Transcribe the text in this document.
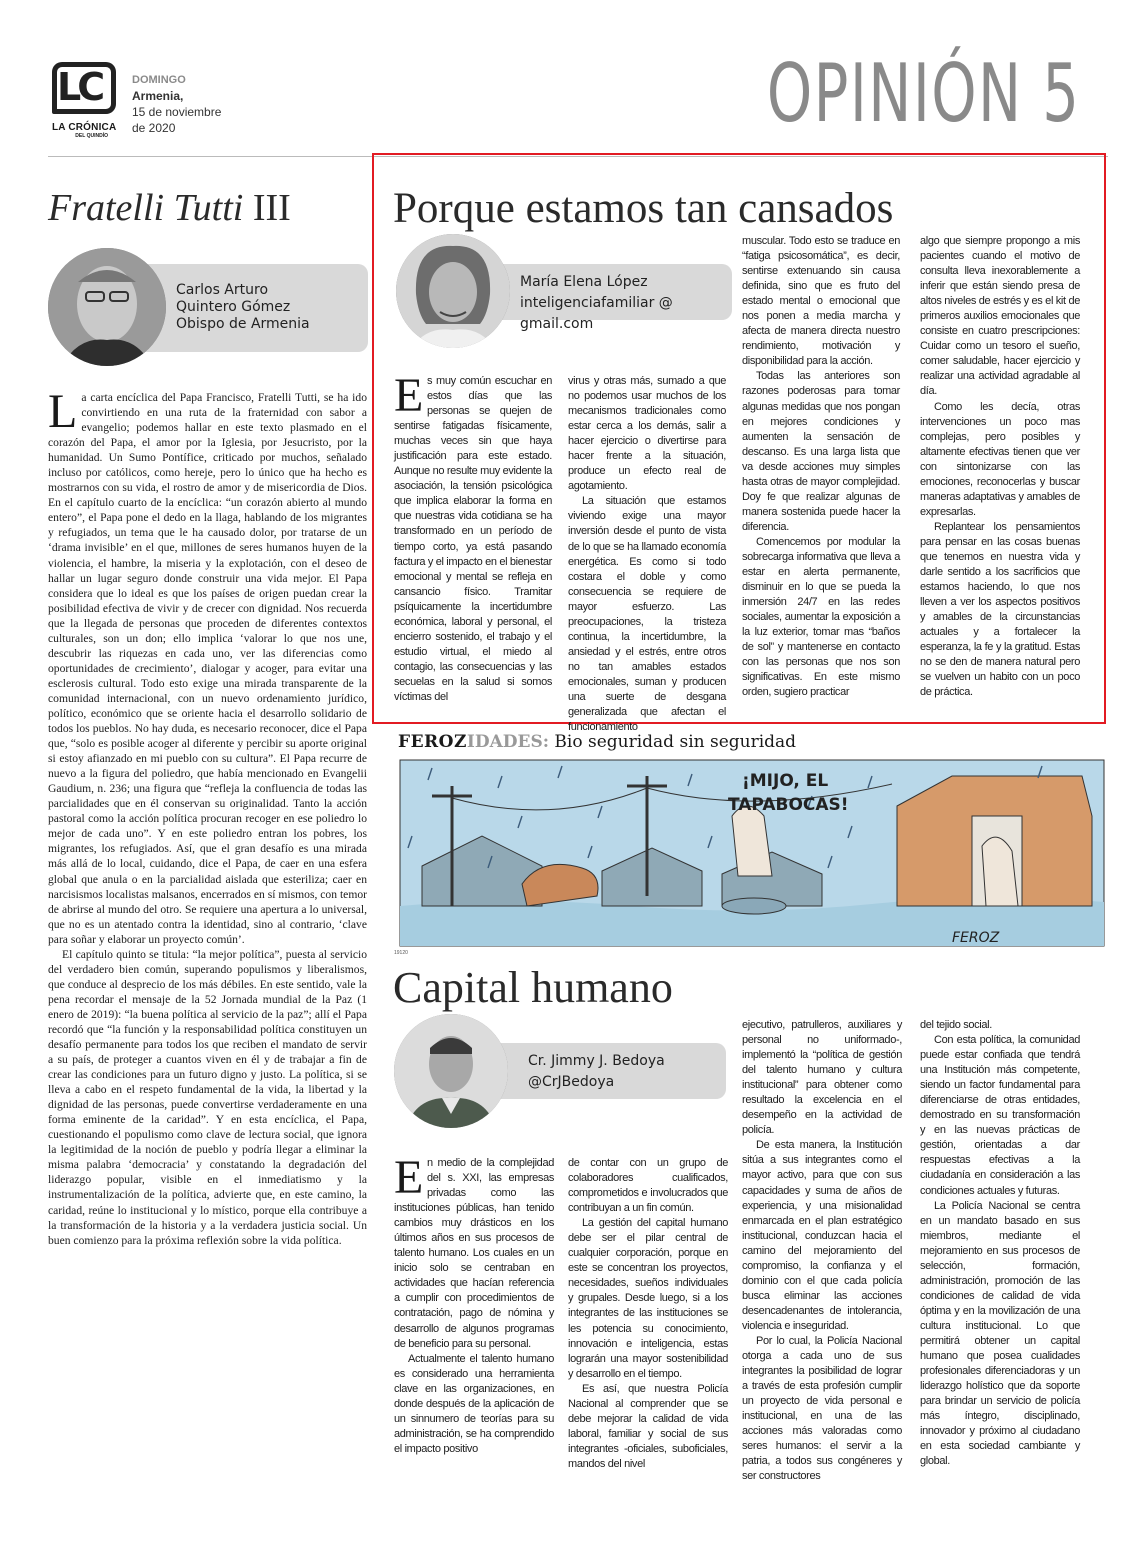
LC
LA CRÓNICA
DEL QUINDÍO
DOMINGO
Armenia,
15 de noviembre
de 2020	OPINIÓN 5
Fratelli Tutti III
Carlos Arturo
Quintero Gómez
Obispo de Armenia

La carta encíclica del Papa Francisco, Fratelli Tutti, se ha ido convirtiendo en una ruta de la fraternidad con sabor a evangelio; podemos hallar en este texto plasmado en el corazón del Papa, el amor por la Iglesia, por Jesucristo, por la humanidad. Un Sumo Pontífice, criticado por muchos, señalado incluso por católicos, como hereje, pero lo único que ha hecho es mostrarnos con su vida, el rostro de amor y de misericordia de Dios. En el capítulo cuarto de la encíclica: “un corazón abierto al mundo entero”, el Papa pone el dedo en la llaga, hablando de los migrantes y refugiados, un tema que le ha causado dolor, por tratarse de un ‘drama invisible’ en el que, millones de seres humanos huyen de la violencia, el hambre, la miseria y la explotación, con el deseo de hallar un lugar seguro donde construir una vida mejor. El Papa considera que lo ideal es que los países de origen puedan crear la posibilidad efectiva de vivir y de crecer con dignidad. Nos recuerda que la llegada de personas que proceden de diferentes contextos culturales, son un don; ello implica ‘valorar lo que nos une, descubrir las riquezas en cada uno, ver las diferencias como oportunidades de crecimiento’, dialogar y acoger, para evitar una esclerosis cultural. Todo esto exige una mirada transparente de la comunidad internacional, con un nuevo ordenamiento jurídico, político, económico que se oriente hacia el desarrollo solidario de todos los pueblos. No hay duda, es necesario reconocer, dice el Papa que, “solo es posible acoger al diferente y percibir su aporte original si estoy afianzado en mi pueblo con su cultura”. El Papa recurre de nuevo a la figura del poliedro, que había mencionado en Evangelii Gaudium, n. 236; una figura que “refleja la confluencia de todas las parcialidades que en él conservan su originalidad. Tanto la acción pastoral como la acción política procuran recoger en ese poliedro lo mejor de cada uno”. Y en este poliedro entran los pobres, los migrantes, los refugiados. Así, que el gran desafío es una mirada más allá de lo local, cuidando, dice el Papa, de caer en una esfera global que anula o en la parcialidad aislada que esteriliza; caer en narcisismos localistas malsanos, encerrados en sí mismos, con temor de abrirse al mundo del otro. Se requiere una apertura a lo universal, que no es un atentado contra la identidad, sino al contrario, ‘clave para soñar y elaborar un proyecto común’.

El capítulo quinto se titula: “la mejor política”, puesta al servicio del verdadero bien común, superando populismos y liberalismos, que conduce al desprecio de los más débiles. En este sentido, vale la pena recordar el mensaje de la 52 Jornada mundial de la Paz (1 enero de 2019): “la buena política al servicio de la paz”; allí el Papa recordó que “la función y la responsabilidad política constituyen un desafío permanente para todos los que reciben el mandato de servir a su país, de proteger a cuantos viven en él y de trabajar a fin de crear las condiciones para un futuro digno y justo. La política, si se lleva a cabo en el respeto fundamental de la vida, la libertad y la dignidad de las personas, puede convertirse verdaderamente en una forma eminente de la caridad”. Y en esta encíclica, el Papa, cuestionando el populismo como clave de lectura social, que ignora la legitimidad de la noción de pueblo y podría llegar a eliminar la misma palabra ‘democracia’ y constatando la degradación del liderazgo popular, visible en el inmediatismo y la instrumentalización de la política, advierte que, en este camino, la caridad, reúne lo institucional y lo místico, porque ella contribuye a la transformación de la historia y a la verdadera justicia social. Un buen comienzo para la próxima reflexión sobre la vida política.

Porque estamos tan cansados
María Elena López
inteligenciafamiliar @ gmail.com

Es muy común escuchar en estos días que las personas se quejen de sentirse fatigadas físicamente, muchas veces sin que haya justificación para este estado. Aunque no resulte muy evidente la asociación, la tensión psicológica que implica elaborar la forma en que nuestras vida cotidiana se ha transformado en un período de tiempo corto, ya está pasando factura y el impacto en el bienestar emocional y mental se refleja en cansancio físico. Tramitar psíquicamente la incertidumbre económica, laboral y personal, el encierro sostenido, el trabajo y el estudio virtual, el miedo al contagio, las consecuencias y las secuelas en la salud si somos víctimas del

virus y otras más, sumado a que no podemos usar muchos de los mecanismos tradicionales como estar cerca a los demás, salir a hacer ejercicio o divertirse para hacer frente a la situación, produce un efecto real de agotamiento.

La situación que estamos viviendo exige una mayor inversión desde el punto de vista de lo que se ha llamado economía energética. Es como si todo costara el doble y como consecuencia se requiere de mayor esfuerzo. Las preocupaciones, la tristeza continua, la incertidumbre, la ansiedad y el estrés, entre otros no tan amables estados emocionales, suman y producen una suerte de desgana generalizada que afectan el funcionamiento

muscular. Todo esto se traduce en “fatiga psicosomática”, es decir, sentirse extenuando sin causa definida, sino que es fruto del estado mental o emocional que nos ponen a media marcha y afecta de manera directa nuestro rendimiento, motivación y disponibilidad para la acción.

Todas las anteriores son razones poderosas para tomar algunas medidas que nos pongan en mejores condiciones y aumenten la sensación de descanso. Es una larga lista que va desde acciones muy simples hasta otras de mayor complejidad. Doy fe que realizar algunas de manera sostenida puede hacer la diferencia.

Comencemos por modular la sobrecarga informativa que lleva a estar en alerta permanente, disminuir en lo que se pueda la inmersión 24/7 en las redes sociales, aumentar la exposición a la luz exterior, tomar mas “baños de sol” y mantenerse en contacto con las personas que nos son significativas. En este mismo orden, sugiero practicar

algo que siempre propongo a mis pacientes cuando el motivo de consulta lleva inexorablemente a inferir que están siendo presa de altos niveles de estrés y es el kit de primeros auxilios emocionales que consiste en cuatro prescripciones: Cuidar como un tesoro el sueño, comer saludable, hacer ejercicio y realizar una actividad agradable al día.

Como les decía, otras intervenciones un poco mas complejas, pero posibles y altamente efectivas tienen que ver con sintonizarse con las emociones, reconocerlas y buscar maneras adaptativas y amables de expresarlas.

Replantear los pensamientos para pensar en las cosas buenas que tenemos en nuestra vida y darle sentido a los sacrificios que estamos haciendo, lo que nos lleven a ver los aspectos positivos y amables de la circunstancias actuales y a fortalecer la esperanza, la fe y la gratitud. Estas no se den de manera natural pero se vuelven un habito con un poco de práctica.

FEROZIDADES: Bio seguridad sin seguridad
¡MIJO, EL
TAPABOCAS!
FEROZ
19120
Capital humano
Cr. Jimmy J. Bedoya
@CrJBedoya

En medio de la complejidad del s. XXI, las empresas privadas como las instituciones públicas, han tenido cambios muy drásticos en los últimos años en sus procesos de talento humano. Los cuales en un inicio solo se centraban en actividades que hacían referencia a cumplir con procedimientos de contratación, pago de nómina y desarrollo de algunos programas de beneficio para su personal.

Actualmente el talento humano es considerado una herramienta clave en las organizaciones, en donde después de la aplicación de un sinnumero de teorías para su administración, se ha comprendido el impacto positivo

de contar con un grupo de colaboradores cualificados, comprometidos e involucrados que contribuyan a un fin común.

La gestión del capital humano debe ser el pilar central de cualquier corporación, porque en este se concentran los proyectos, necesidades, sueños individuales y grupales. Desde luego, si a los integrantes de las instituciones se les potencia su conocimiento, innovación e inteligencia, estas lograrán una mayor sostenibilidad y desarrollo en el tiempo.

Es así, que nuestra Policía Nacional al comprender que se debe mejorar la calidad de vida laboral, familiar y social de sus integrantes -oficiales, suboficiales, mandos del nivel

ejecutivo, patrulleros, auxiliares y personal no uniformado-, implementó la “política de gestión del talento humano y cultura institucional” para obtener como resultado la excelencia en el desempeño en la actividad de policía.

De esta manera, la Institución sitúa a sus integrantes como el mayor activo, para que con sus capacidades y suma de años de experiencia, y una misionalidad enmarcada en el plan estratégico institucional, conduzcan hacia el camino del mejoramiento del compromiso, la confianza y el dominio con el que cada policía busca eliminar las acciones desencadenantes de intolerancia, violencia e inseguridad.

Por lo cual, la Policía Nacional otorga a cada uno de sus integrantes la posibilidad de lograr a través de esta profesión cumplir un proyecto de vida personal e institucional, en una de las acciones más valoradas como seres humanos: el servir a la patria, a todos sus congéneres y ser constructores

del tejido social.

Con esta política, la comunidad puede estar confiada que tendrá una Institución más competente, siendo un factor fundamental para diferenciarse de otras entidades, demostrado en su transformación y en las nuevas prácticas de gestión, orientadas a dar respuestas efectivas a la ciudadanía en consideración a las condiciones actuales y futuras.

La Policía Nacional se centra en un mandato basado en sus miembros, mediante el mejoramiento en sus procesos de selección, formación, administración, promoción de las condiciones de calidad de vida óptima y en la movilización de una cultura institucional. Lo que permitirá obtener un capital humano que posea cualidades profesionales diferenciadoras y un liderazgo holístico que da soporte para brindar un servicio de policía más íntegro, disciplinado, innovador y próximo al ciudadano en esta sociedad cambiante y global.
